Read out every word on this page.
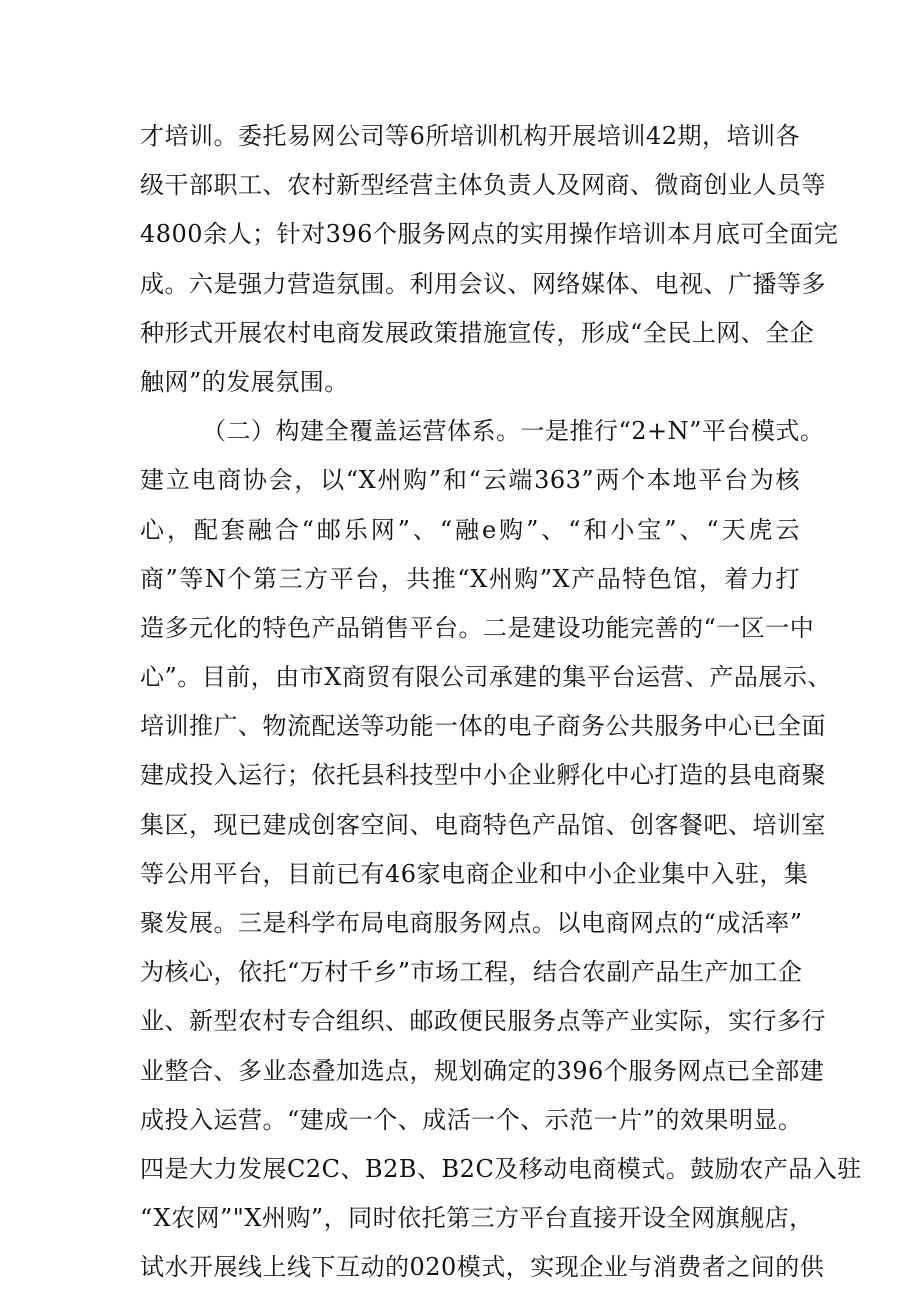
才培训。委托易网公司等6所培训机构开展培训42期，培训各
级干部职工、农村新型经营主体负责人及网商、微商创业人员等
4800余人；针对396个服务网点的实用操作培训本月底可全面完
成。六是强力营造氛围。利用会议、网络媒体、电视、广播等多
种形式开展农村电商发展政策措施宣传，形成“全民上网、全企
触网”的发展氛围。
（二）构建全覆盖运营体系。一是推行“2+N”平台模式。
建立电商协会，以“X州购”和“云端363”两个本地平台为核
心，配套融合“邮乐网”、“融e购”、“和小宝”、“天虎云
商”等N个第三方平台，共推“X州购”X产品特色馆，着力打
造多元化的特色产品销售平台。二是建设功能完善的“一区一中
心”。目前，由市X商贸有限公司承建的集平台运营、产品展示、
培训推广、物流配送等功能一体的电子商务公共服务中心已全面
建成投入运行；依托县科技型中小企业孵化中心打造的县电商聚
集区，现已建成创客空间、电商特色产品馆、创客餐吧、培训室
等公用平台，目前已有46家电商企业和中小企业集中入驻，集
聚发展。三是科学布局电商服务网点。以电商网点的“成活率”
为核心，依托“万村千乡”市场工程，结合农副产品生产加工企
业、新型农村专合组织、邮政便民服务点等产业实际，实行多行
业整合、多业态叠加选点，规划确定的396个服务网点已全部建
成投入运营。“建成一个、成活一个、示范一片”的效果明显。
四是大力发展C2C、B2B、B2C及移动电商模式。鼓励农产品入驻
“X农网”"X州购”，同时依托第三方平台直接开设全网旗舰店，
试水开展线上线下互动的020模式，实现企业与消费者之间的供
